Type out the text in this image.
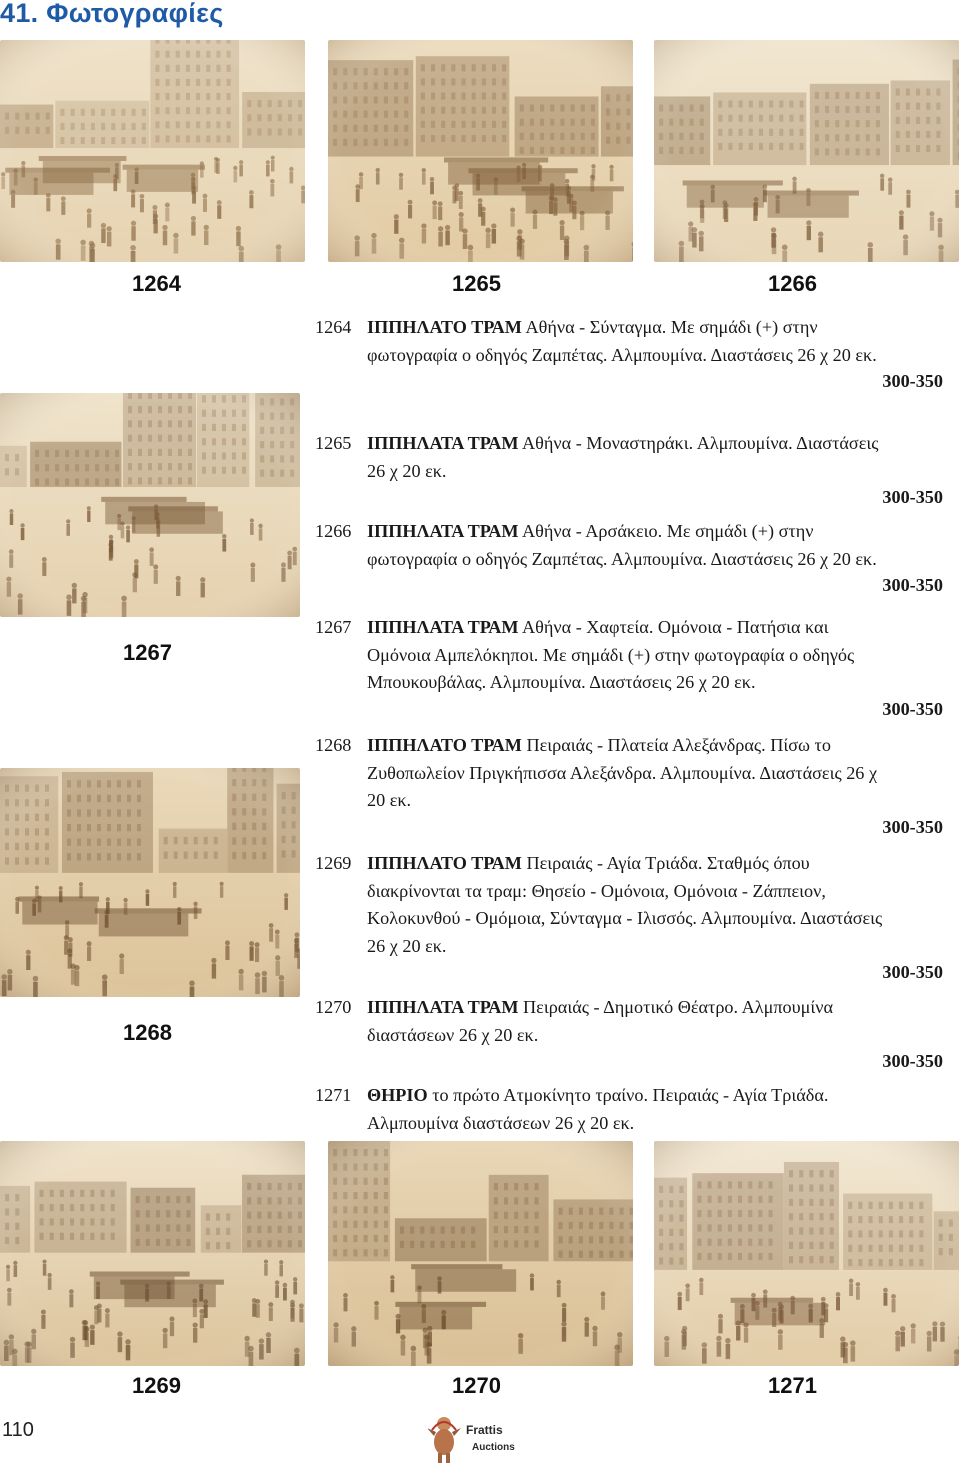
41. Φωτογραφίες
1264	1265	1266
1267
1268
1264 ΙΠΠΗΛΑΤΟ ΤΡΑΜ Αθήνα - Σύνταγμα. Με σημάδι (+) στην
φωτογραφία ο οδηγός Ζαμπέτας. Αλμπουμίνα. Διαστάσεις 26 χ 20 εκ.
300-350
1265 ΙΠΠΗΛΑΤΑ ΤΡΑΜ Αθήνα - Μοναστηράκι. Αλμπουμίνα. Διαστάσεις
26 χ 20 εκ.
300-350
1266 ΙΠΠΗΛΑΤΑ ΤΡΑΜ Αθήνα - Αρσάκειο. Με σημάδι (+) στην
φωτογραφία ο οδηγός Ζαμπέτας. Αλμπουμίνα. Διαστάσεις 26 χ 20 εκ.
300-350
1267 ΙΠΠΗΛΑΤΑ ΤΡΑΜ Αθήνα - Χαφτεία. Ομόνοια - Πατήσια και
Ομόνοια Αμπελόκηποι. Με σημάδι (+) στην φωτογραφία ο οδηγός
Μπουκουβάλας. Αλμπουμίνα. Διαστάσεις 26 χ 20 εκ.
300-350
1268 ΙΠΠΗΛΑΤΟ ΤΡΑΜ Πειραιάς - Πλατεία Αλεξάνδρας. Πίσω το
Ζυθοπωλείον Πριγκήπισσα Αλεξάνδρα. Αλμπουμίνα. Διαστάσεις 26 χ
20 εκ.
300-350
1269 ΙΠΠΗΛΑΤΟ ΤΡΑΜ Πειραιάς - Αγία Τριάδα. Σταθμός όπου
διακρίνονται τα τραμ: Θησείο - Ομόνοια, Ομόνοια - Ζάππειον,
Κολοκυνθού - Ομόμοια, Σύνταγμα - Ιλισσός. Αλμπουμίνα. Διαστάσεις
26 χ 20 εκ.
300-350
1270 ΙΠΠΗΛΑΤΑ ΤΡΑΜ Πειραιάς - Δημοτικό Θέατρο. Αλμπουμίνα
διαστάσεων 26 χ 20 εκ.
300-350
1271 ΘΗΡΙΟ το πρώτο Ατμοκίνητο τραίνο. Πειραιάς - Αγία Τριάδα.
Αλμπουμίνα διαστάσεων 26 χ 20 εκ.
1269	1270	1271
110	Frattis
Auctions
